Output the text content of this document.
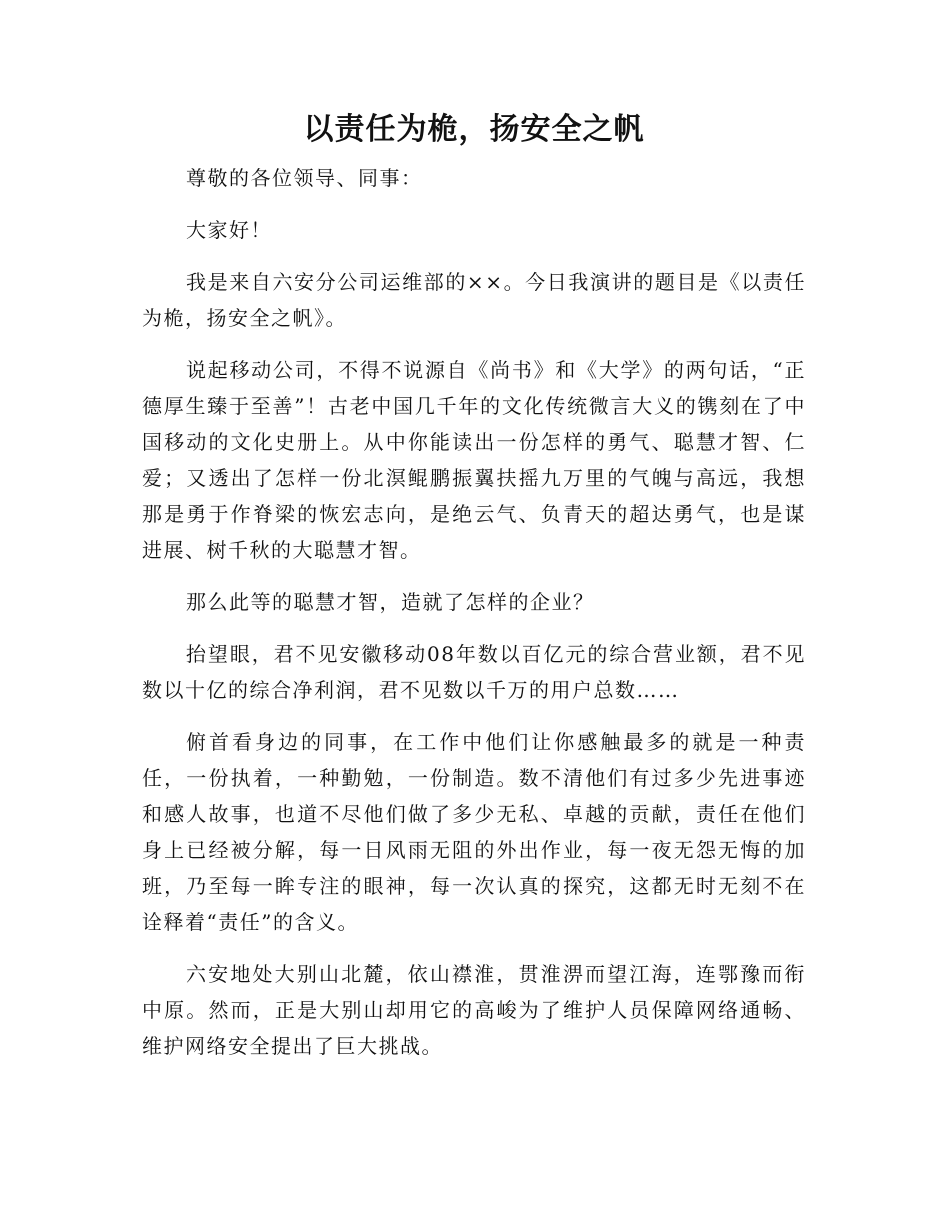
以责任为桅，扬安全之帆

尊敬的各位领导、同事：

大家好！

我是来自六安分公司运维部的××。今日我演讲的题目是《以责任为桅，扬安全之帆》。

说起移动公司，不得不说源自《尚书》和《大学》的两句话，“正德厚生臻于至善”！古老中国几千年的文化传统微言大义的镌刻在了中国移动的文化史册上。从中你能读出一份怎样的勇气、聪慧才智、仁爱；又透出了怎样一份北溟鲲鹏振翼扶摇九万里的气魄与高远，我想那是勇于作脊梁的恢宏志向，是绝云气、负青天的超达勇气，也是谋进展、树千秋的大聪慧才智。

那么此等的聪慧才智，造就了怎样的企业？

抬望眼，君不见安徽移动08年数以百亿元的综合营业额，君不见数以十亿的综合净利润，君不见数以千万的用户总数……

俯首看身边的同事，在工作中他们让你感触最多的就是一种责任，一份执着，一种勤勉，一份制造。数不清他们有过多少先进事迹和感人故事，也道不尽他们做了多少无私、卓越的贡献，责任在他们身上已经被分解，每一日风雨无阻的外出作业，每一夜无怨无悔的加班，乃至每一眸专注的眼神，每一次认真的探究，这都无时无刻不在诠释着“责任”的含义。

六安地处大别山北麓，依山襟淮，贯淮淠而望江海，连鄂豫而衔中原。然而，正是大别山却用它的高峻为了维护人员保障网络通畅、维护网络安全提出了巨大挑战。
